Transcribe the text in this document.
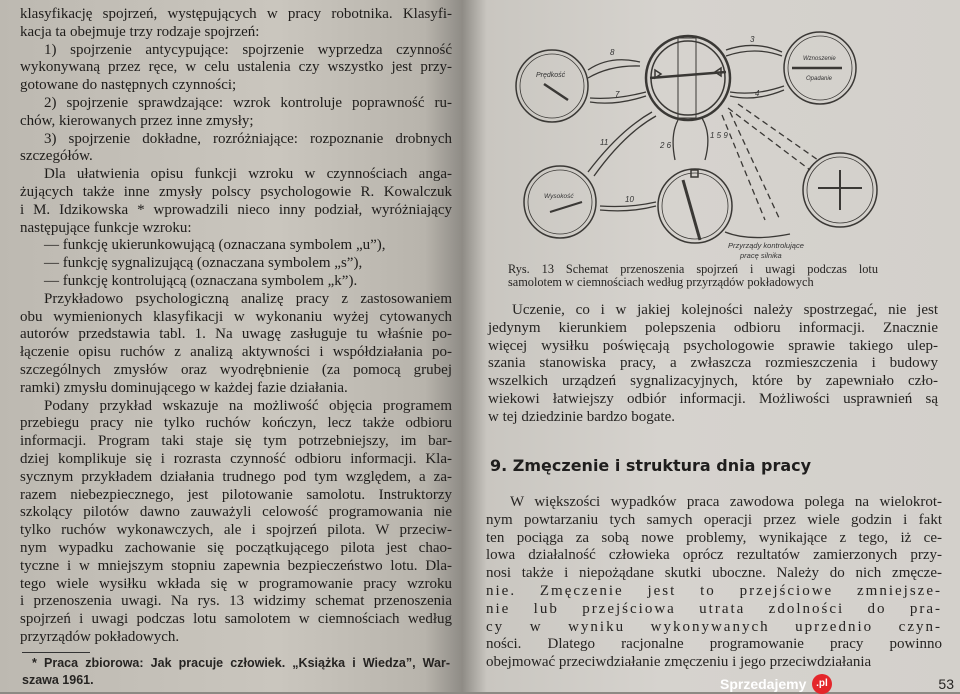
klasyfikację spojrzeń, występujących w pracy robotnika. Klasyfi-
kacja ta obejmuje trzy rodzaje spojrzeń:
1) spojrzenie antycypujące: spojrzenie wyprzedza czynność
wykonywaną przez ręce, w celu ustalenia czy wszystko jest przy-
gotowane do następnych czynności;
2) spojrzenie sprawdzające: wzrok kontroluje poprawność ru-
chów, kierowanych przez inne zmysły;
3) spojrzenie dokładne, rozróżniające: rozpoznanie drobnych
szczegółów.
Dla ułatwienia opisu funkcji wzroku w czynnościach anga-
żujących także inne zmysły polscy psychologowie R. Kowalczuk
i M. Idzikowska * wprowadzili nieco inny podział, wyróżniający
następujące funkcje wzroku:
— funkcję ukierunkowującą (oznaczana symbolem „u”),
— funkcję sygnalizującą (oznaczana symbolem „s”),
— funkcję kontrolującą (oznaczana symbolem „k”).
Przykładowo psychologiczną analizę pracy z zastosowaniem
obu wymienionych klasyfikacji w wykonaniu wyżej cytowanych
autorów przedstawia tabl. 1. Na uwagę zasługuje tu właśnie po-
łączenie opisu ruchów z analizą aktywności i współdziałania po-
szczególnych zmysłów oraz wyodrębnienie (za pomocą grubej
ramki) zmysłu dominującego w każdej fazie działania.
Podany przykład wskazuje na możliwość objęcia programem
przebiegu pracy nie tylko ruchów kończyn, lecz także odbioru
informacji. Program taki staje się tym potrzebniejszy, im bar-
dziej komplikuje się i rozrasta czynność odbioru informacji. Kla-
sycznym przykładem działania trudnego pod tym względem, a za-
razem niebezpiecznego, jest pilotowanie samolotu. Instruktorzy
szkolący pilotów dawno zauważyli celowość programowania nie
tylko ruchów wykonawczych, ale i spojrzeń pilota. W przeciw-
nym wypadku zachowanie się początkującego pilota jest chao-
tyczne i w mniejszym stopniu zapewnia bezpieczeństwo lotu. Dla-
tego wiele wysiłku wkłada się w programowanie pracy wzroku
i przenoszenia uwagi. Na rys. 13 widzimy schemat przenoszenia
spojrzeń i uwagi podczas lotu samolotem w ciemnościach według
przyrządów pokładowych.
* Praca zbiorowa: Jak pracuje człowiek. „Książka i Wiedza”, War-
szawa 1961.
Prędkość
Wznoszenie
Opadanie
Wysokość
8
7
3
4
11	2 6
1 5 9
10
Przyrządy kontrolujące
pracę silnika
Rys. 13 Schemat przenoszenia spojrzeń i uwagi podczas lotu
samolotem w ciemnościach według przyrządów pokładowych
Uczenie, co i w jakiej kolejności należy spostrzegać, nie jest
jedynym kierunkiem polepszenia odbioru informacji. Znacznie
więcej wysiłku poświęcają psychologowie sprawie takiego ulep-
szania stanowiska pracy, a zwłaszcza rozmieszczenia i budowy
wszelkich urządzeń sygnalizacyjnych, które by zapewniało czło-
wiekowi łatwiejszy odbiór informacji. Możliwości usprawnień są
w tej dziedzinie bardzo bogate.
9. Zmęczenie i struktura dnia pracy
W większości wypadków praca zawodowa polega na wielokrot-
nym powtarzaniu tych samych operacji przez wiele godzin i fakt
ten pociąga za sobą nowe problemy, wynikające z tego, iż ce-
lowa działalność człowieka oprócz rezultatów zamierzonych przy-
nosi także i niepożądane skutki uboczne. Należy do nich zmęcze-
nie. Zmęczenie jest to przejściowe zmniejsze-
nie lub przejściowa utrata zdolności do pra-
cy w wyniku wykonywanych uprzednio czyn-
ności. Dlatego racjonalne programowanie pracy powinno
obejmować przeciwdziałanie zmęczeniu i jego przeciwdziałania
53
Sprzedajemy .pl
